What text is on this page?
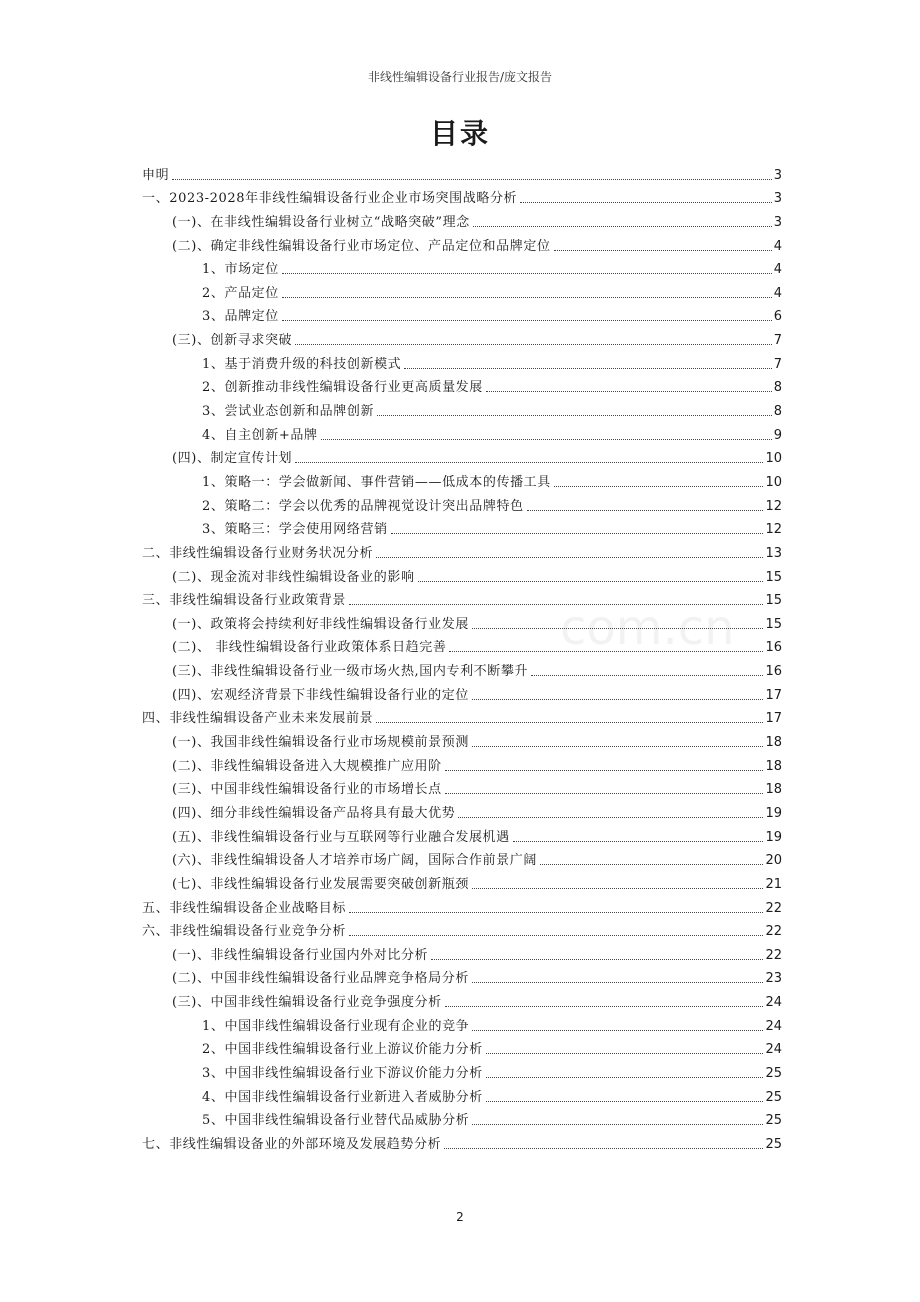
非线性编辑设备行业报告/庞文报告
目录
com.cn
申明	3
一、2023-2028年非线性编辑设备行业企业市场突围战略分析	3
(一)、在非线性编辑设备行业树立“战略突破”理念	3
(二)、确定非线性编辑设备行业市场定位、产品定位和品牌定位	4
1、市场定位	4
2、产品定位	4
3、品牌定位	6
(三)、创新寻求突破	7
1、基于消费升级的科技创新模式	7
2、创新推动非线性编辑设备行业更高质量发展	8
3、尝试业态创新和品牌创新	8
4、自主创新+品牌	9
(四)、制定宣传计划	10
1、策略一：学会做新闻、事件营销——低成本的传播工具	10
2、策略二：学会以优秀的品牌视觉设计突出品牌特色	12
3、策略三：学会使用网络营销	12
二、非线性编辑设备行业财务状况分析	13
(二)、现金流对非线性编辑设备业的影响	15
三、非线性编辑设备行业政策背景	15
(一)、政策将会持续利好非线性编辑设备行业发展	15
(二)、 非线性编辑设备行业政策体系日趋完善	16
(三)、非线性编辑设备行业一级市场火热,国内专利不断攀升	16
(四)、宏观经济背景下非线性编辑设备行业的定位	17
四、非线性编辑设备产业未来发展前景	17
(一)、我国非线性编辑设备行业市场规模前景预测	18
(二)、非线性编辑设备进入大规模推广应用阶	18
(三)、中国非线性编辑设备行业的市场增长点	18
(四)、细分非线性编辑设备产品将具有最大优势	19
(五)、非线性编辑设备行业与互联网等行业融合发展机遇	19
(六)、非线性编辑设备人才培养市场广阔，国际合作前景广阔	20
(七)、非线性编辑设备行业发展需要突破创新瓶颈	21
五、非线性编辑设备企业战略目标	22
六、非线性编辑设备行业竞争分析	22
(一)、非线性编辑设备行业国内外对比分析	22
(二)、中国非线性编辑设备行业品牌竞争格局分析	23
(三)、中国非线性编辑设备行业竞争强度分析	24
1、中国非线性编辑设备行业现有企业的竞争	24
2、中国非线性编辑设备行业上游议价能力分析	24
3、中国非线性编辑设备行业下游议价能力分析	25
4、中国非线性编辑设备行业新进入者威胁分析	25
5、中国非线性编辑设备行业替代品威胁分析	25
七、非线性编辑设备业的外部环境及发展趋势分析	25
2
